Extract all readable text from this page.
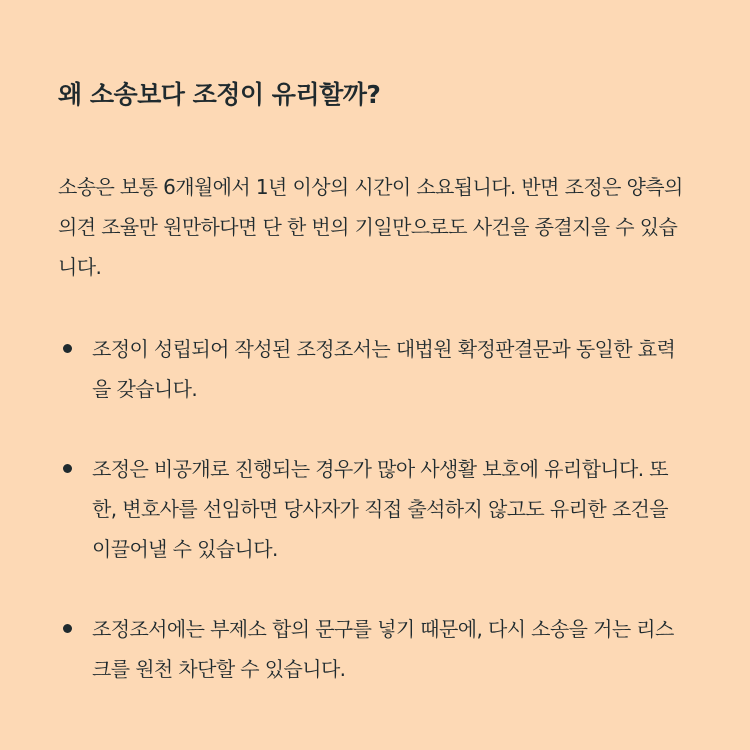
왜 소송보다 조정이 유리할까?

소송은 보통 6개월에서 1년 이상의 시간이 소요됩니다. 반면 조정은 양측의 의견 조율만 원만하다면 단 한 번의 기일만으로도 사건을 종결지을 수 있습니다.

조정이 성립되어 작성된 조정조서는 대법원 확정판결문과 동일한 효력을 갖습니다.
조정은 비공개로 진행되는 경우가 많아 사생활 보호에 유리합니다. 또한, 변호사를 선임하면 당사자가 직접 출석하지 않고도 유리한 조건을 이끌어낼 수 있습니다.
조정조서에는 부제소 합의 문구를 넣기 때문에, 다시 소송을 거는 리스크를 원천 차단할 수 있습니다.
